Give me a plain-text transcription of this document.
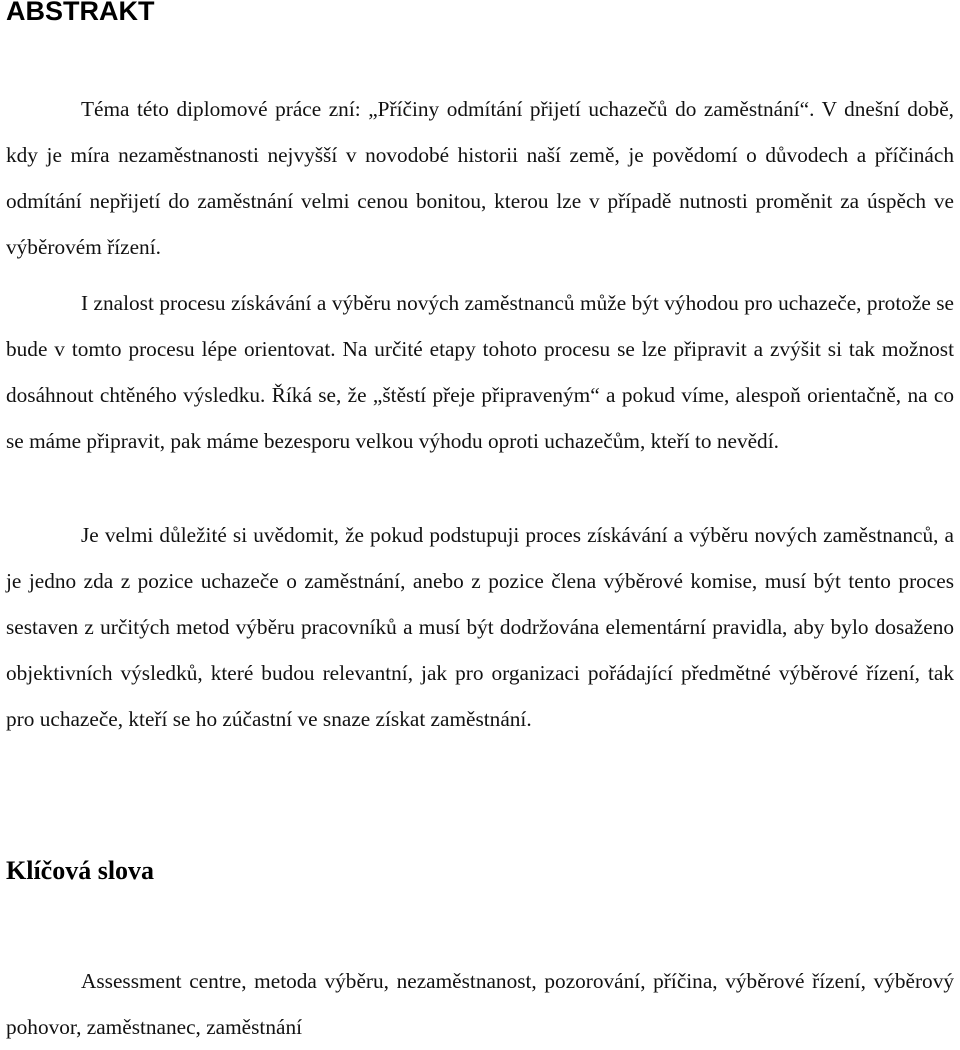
ABSTRAKT

Téma této diplomové práce zní: „Příčiny odmítání přijetí uchazečů do zaměstnání“. V dnešní době, kdy je míra nezaměstnanosti nejvyšší v novodobé historii naší země, je povědomí o důvodech a příčinách odmítání nepřijetí do zaměstnání velmi cenou bonitou, kterou lze v případě nutnosti proměnit za úspěch ve výběrovém řízení.

I znalost procesu získávání a výběru nových zaměstnanců může být výhodou pro uchazeče, protože se bude v tomto procesu lépe orientovat. Na určité etapy tohoto procesu se lze připravit a zvýšit si tak možnost dosáhnout chtěného výsledku. Říká se, že „štěstí přeje připraveným“ a pokud víme, alespoň orientačně, na co se máme připravit, pak máme bezesporu velkou výhodu oproti uchazečům, kteří to nevědí.

Je velmi důležité si uvědomit, že pokud podstupuji proces získávání a výběru nových zaměstnanců, a je jedno zda z pozice uchazeče o zaměstnání, anebo z pozice člena výběrové komise, musí být tento proces sestaven z určitých metod výběru pracovníků a musí být dodržována elementární pravidla, aby bylo dosaženo objektivních výsledků, které budou relevantní, jak pro organizaci pořádající předmětné výběrové řízení, tak pro uchazeče, kteří se ho zúčastní ve snaze získat zaměstnání.

Klíčová slova

Assessment centre, metoda výběru, nezaměstnanost, pozorování, příčina, výběrové řízení, výběrový pohovor, zaměstnanec, zaměstnání
